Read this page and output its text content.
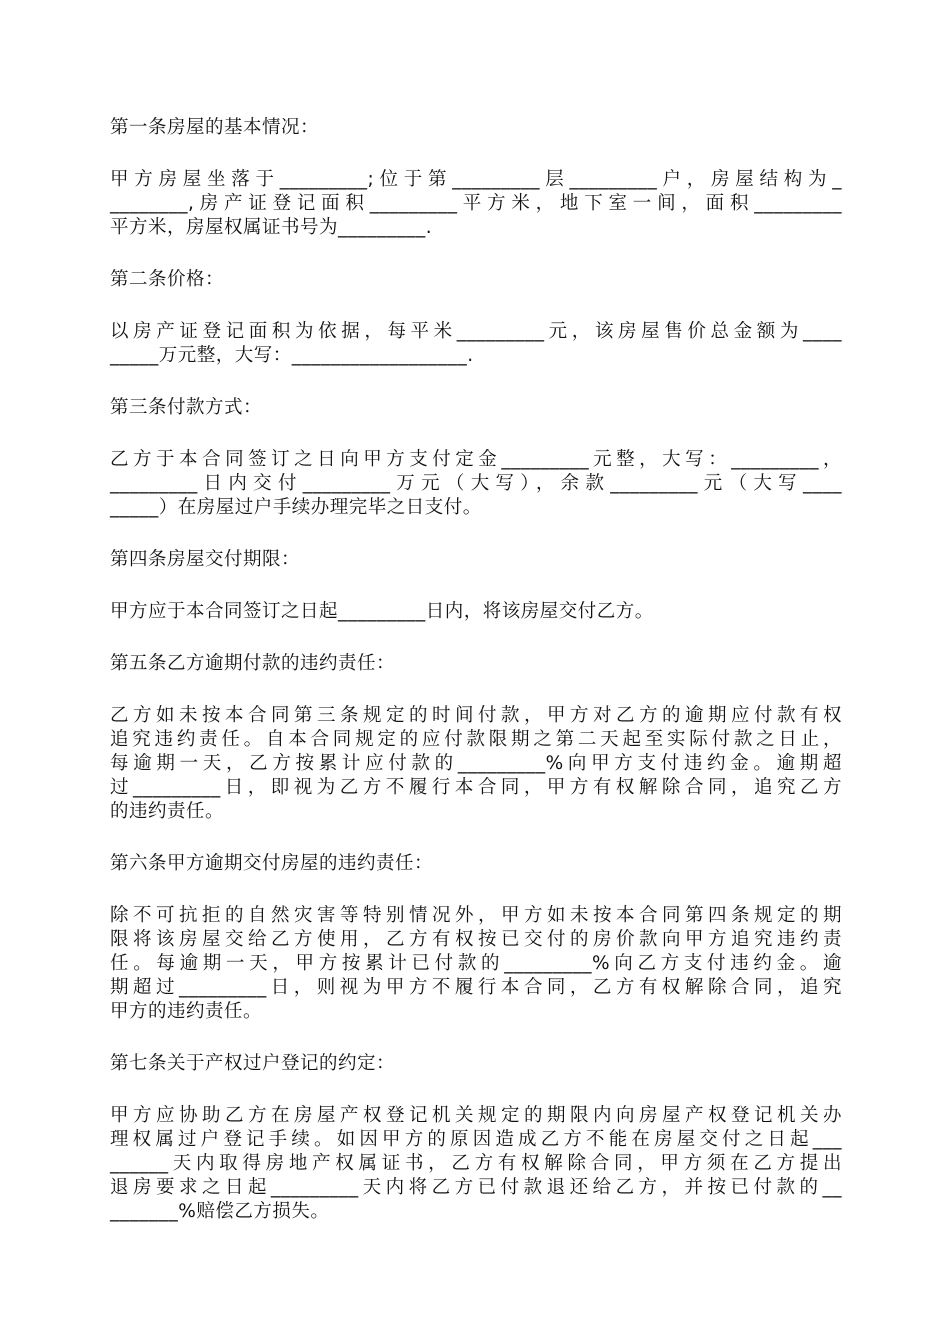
第一条房屋的基本情况：
甲方房屋坐落于_________;位于第_________层_________户，房屋结构为_
________,房产证登记面积_________平方米，地下室一间，面积_________
平方米，房屋权属证书号为_________.
第二条价格：
以房产证登记面积为依据，每平米_________元，该房屋售价总金额为____
_____万元整，大写：__________________.
第三条付款方式：
乙方于本合同签订之日向甲方支付定金_________元整，大写：_________，
_________日内交付_________万元（大写），余款_________元（大写____
_____）在房屋过户手续办理完毕之日支付。
第四条房屋交付期限：
甲方应于本合同签订之日起_________日内，将该房屋交付乙方。
第五条乙方逾期付款的违约责任：
乙方如未按本合同第三条规定的时间付款，甲方对乙方的逾期应付款有权
追究违约责任。自本合同规定的应付款限期之第二天起至实际付款之日止，
每逾期一天，乙方按累计应付款的_________%向甲方支付违约金。逾期超
过_________日，即视为乙方不履行本合同，甲方有权解除合同，追究乙方
的违约责任。
第六条甲方逾期交付房屋的违约责任：
除不可抗拒的自然灾害等特别情况外，甲方如未按本合同第四条规定的期
限将该房屋交给乙方使用，乙方有权按已交付的房价款向甲方追究违约责
任。每逾期一天，甲方按累计已付款的_________%向乙方支付违约金。逾
期超过_________日，则视为甲方不履行本合同，乙方有权解除合同，追究
甲方的违约责任。
第七条关于产权过户登记的约定：
甲方应协助乙方在房屋产权登记机关规定的期限内向房屋产权登记机关办
理权属过户登记手续。如因甲方的原因造成乙方不能在房屋交付之日起___
______天内取得房地产权属证书，乙方有权解除合同，甲方须在乙方提出
退房要求之日起_________天内将乙方已付款退还给乙方，并按已付款的__
_______%赔偿乙方损失。
